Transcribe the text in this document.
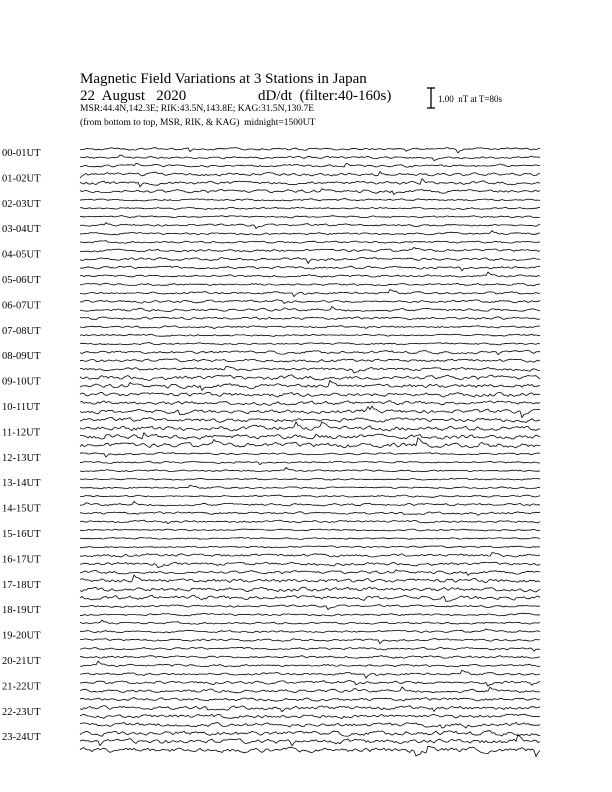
Magnetic Field Variations at 3 Stations in Japan
22  August   2020	dD/dt  (filter:40-160s)
MSR:44.4N,142.3E; RIK:43.5N,143.8E; KAG:31.5N,130.7E
(from bottom to top, MSR, RIK, & KAG)  midnight=1500UT
1.00  nT at T=80s
00-01UT
01-02UT
02-03UT
03-04UT
04-05UT
05-06UT
06-07UT
07-08UT
08-09UT
09-10UT
10-11UT
11-12UT
12-13UT
13-14UT
14-15UT
15-16UT
16-17UT
17-18UT
18-19UT
19-20UT
20-21UT
21-22UT
22-23UT
23-24UT
